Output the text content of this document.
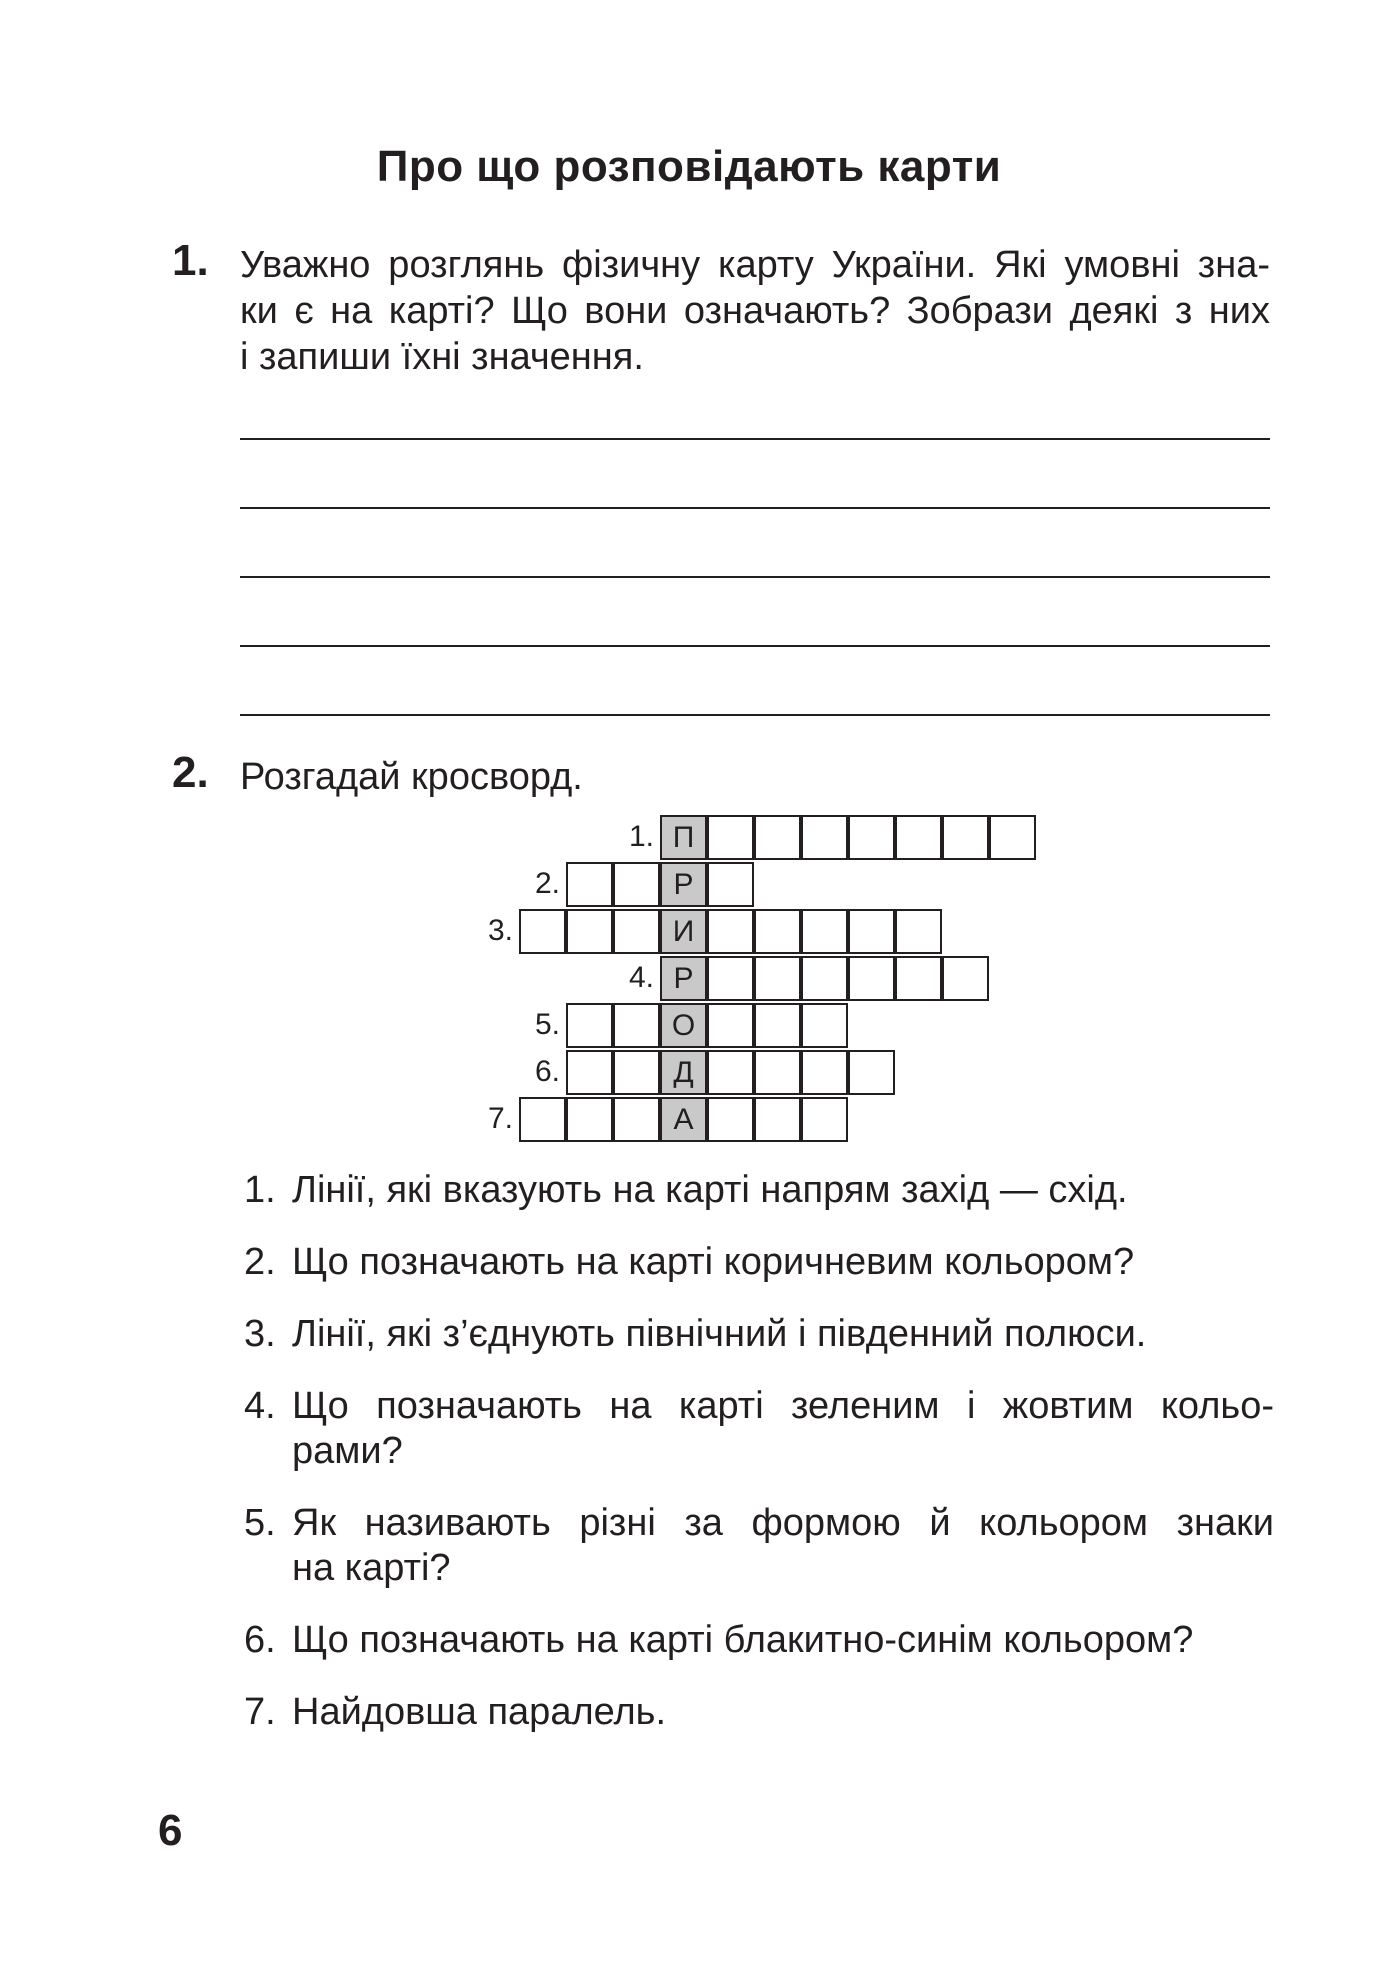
Про що розповідають карти
1. Уважно розглянь фізичну карту України. Які умовні зна-
ки є на карті? Що вони означають? Зобрази деякі з них
і запиши їхні значення.
2. Розгадай кросворд.
1. П
2.	Р
3.	И
4. Р
5.	О
6.	Д
7.	А
1. Лінії, які вказують на карті напрям захід — схід.
2. Що позначають на карті коричневим кольором?
3. Лінії, які з’єднують північний і південний полюси.
4. Що позначають на карті зеленим і жовтим кольо-
рами?
5. Як називають різні за формою й кольором знаки
на карті?
6. Що позначають на карті блакитно-синім кольором?
7. Найдовша паралель.
6
